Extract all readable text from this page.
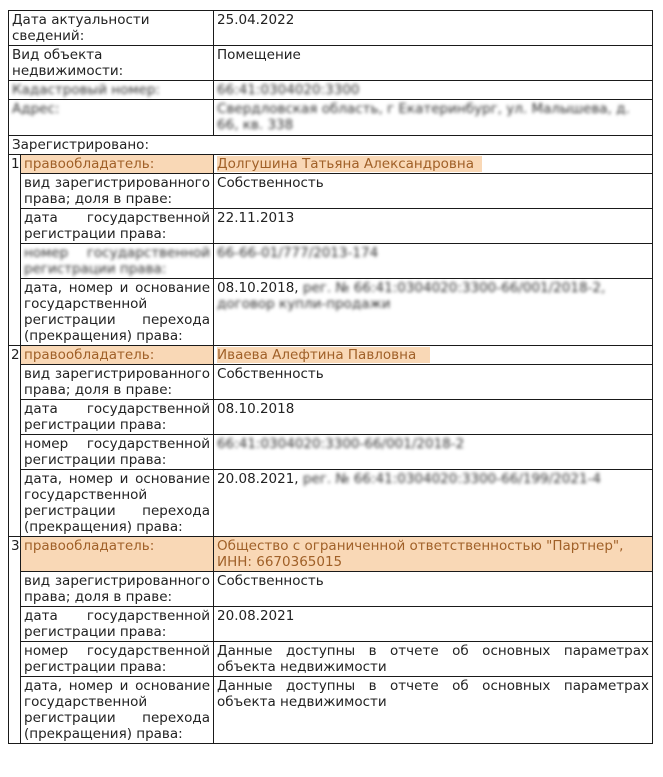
Дата актуальности сведений:		25.04.2022
Вид объекта недвижимости:		Помещение
Кадастровый номер:		66:41:0304020:3300
Адрес:		Свердловская область, г Екатеринбург, ул. Малышева, д. 66, кв. 338
Зарегистрировано:		
1	правообладатель:	Долгушина Татьяна Александровна
	вид зарегистрированного права; доля в праве:	Собственность
	дата государственной регистрации права:	22.11.2013
	номер государственной регистрации права:	66-66-01/777/2013-174
	дата, номер и основание государственной регистрации перехода (прекращения) права:	08.10.2018, рег. № 66:41:0304020:3300-66/001/2018-2, договор купли-продажи
2	правообладатель:	Иваева Алефтина Павловна
	вид зарегистрированного права; доля в праве:	Собственность
	дата государственной регистрации права:	08.10.2018
	номер государственной регистрации права:	66:41:0304020:3300-66/001/2018-2
	дата, номер и основание государственной регистрации перехода (прекращения) права:	20.08.2021, рег. № 66:41:0304020:3300-66/199/2021-4
3	правообладатель:	Общество с ограниченной ответственностью "Партнер", ИНН: 6670365015
	вид зарегистрированного права; доля в праве:	Собственность
	дата государственной регистрации права:	20.08.2021
	номер государственной регистрации права:	Данные доступны в отчете об основных параметрах объекта недвижимости
	дата, номер и основание государственной регистрации перехода (прекращения) права:	Данные доступны в отчете об основных параметрах объекта недвижимости
